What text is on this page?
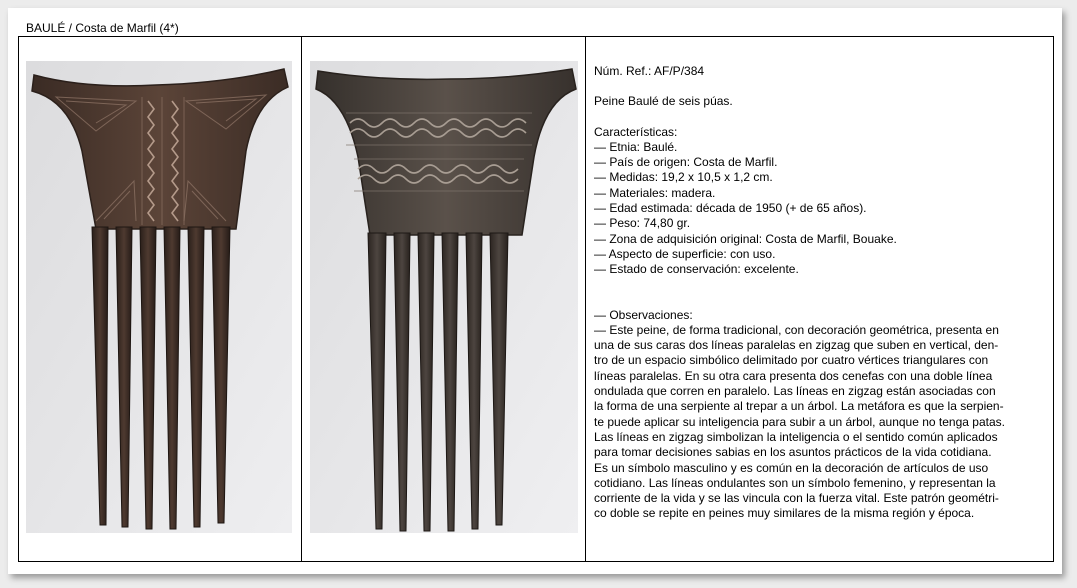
BAULÉ / Costa de Marfil (4*)

Núm. Ref.: AF/P/384

Peine Baulé de seis púas.

Características:

— Etnia: Baulé.

— País de origen: Costa de Marfil.

— Medidas: 19,2 x 10,5 x 1,2 cm.

— Materiales: madera.

— Edad estimada: década de 1950 (+ de 65 años).

— Peso: 74,80 gr.

— Zona de adquisición original: Costa de Marfil, Bouake.

— Aspecto de superficie: con uso.

— Estado de conservación: excelente.

— Observaciones:

— Este peine, de forma tradicional, con decoración geométrica, presenta en

una de sus caras dos líneas paralelas en zigzag que suben en vertical, den-

tro de un espacio simbólico delimitado por cuatro vértices triangulares con

líneas paralelas. En su otra cara presenta dos cenefas con una doble línea

ondulada que corren en paralelo. Las líneas en zigzag están asociadas con

la forma de una serpiente al trepar a un árbol. La metáfora es que la serpien-

te puede aplicar su inteligencia para subir a un árbol, aunque no tenga patas.

Las líneas en zigzag simbolizan la inteligencia o el sentido común aplicados

para tomar decisiones sabias en los asuntos prácticos de la vida cotidiana.

Es un símbolo masculino y es común en la decoración de artículos de uso

cotidiano. Las líneas ondulantes son un símbolo femenino, y representan la

corriente de la vida y se las vincula con la fuerza vital. Este patrón geométri-

co doble se repite en peines muy similares de la misma región y época.
